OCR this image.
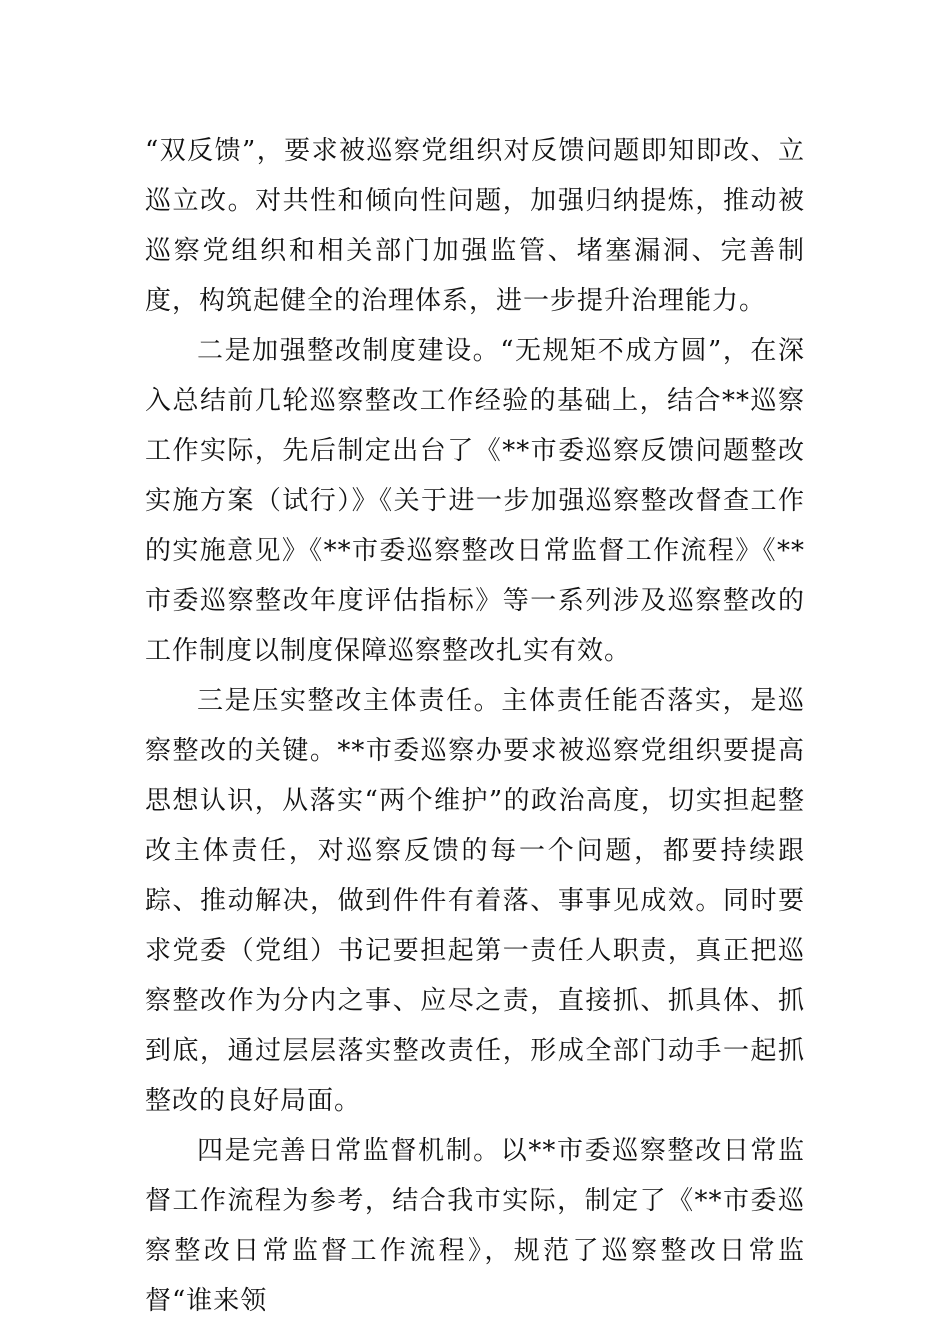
“双反馈”，要求被巡察党组织对反馈问题即知即改、立巡立改。对共性和倾向性问题，加强归纳提炼，推动被巡察党组织和相关部门加强监管、堵塞漏洞、完善制度，构筑起健全的治理体系，进一步提升治理能力。

二是加强整改制度建设。“无规矩不成方圆”，在深入总结前几轮巡察整改工作经验的基础上，结合**巡察工作实际，先后制定出台了《**市委巡察反馈问题整改实施方案（试行）》《关于进一步加强巡察整改督查工作的实施意见》《**市委巡察整改日常监督工作流程》《**市委巡察整改年度评估指标》等一系列涉及巡察整改的工作制度以制度保障巡察整改扎实有效。

三是压实整改主体责任。主体责任能否落实，是巡察整改的关键。**市委巡察办要求被巡察党组织要提高思想认识，从落实“两个维护”的政治高度，切实担起整改主体责任，对巡察反馈的每一个问题，都要持续跟踪、推动解决，做到件件有着落、事事见成效。同时要求党委（党组）书记要担起第一责任人职责，真正把巡察整改作为分内之事、应尽之责，直接抓、抓具体、抓到底，通过层层落实整改责任，形成全部门动手一起抓整改的良好局面。

四是完善日常监督机制。以**市委巡察整改日常监督工作流程为参考，结合我市实际，制定了《**市委巡察整改日常监督工作流程》，规范了巡察整改日常监督“谁来领
